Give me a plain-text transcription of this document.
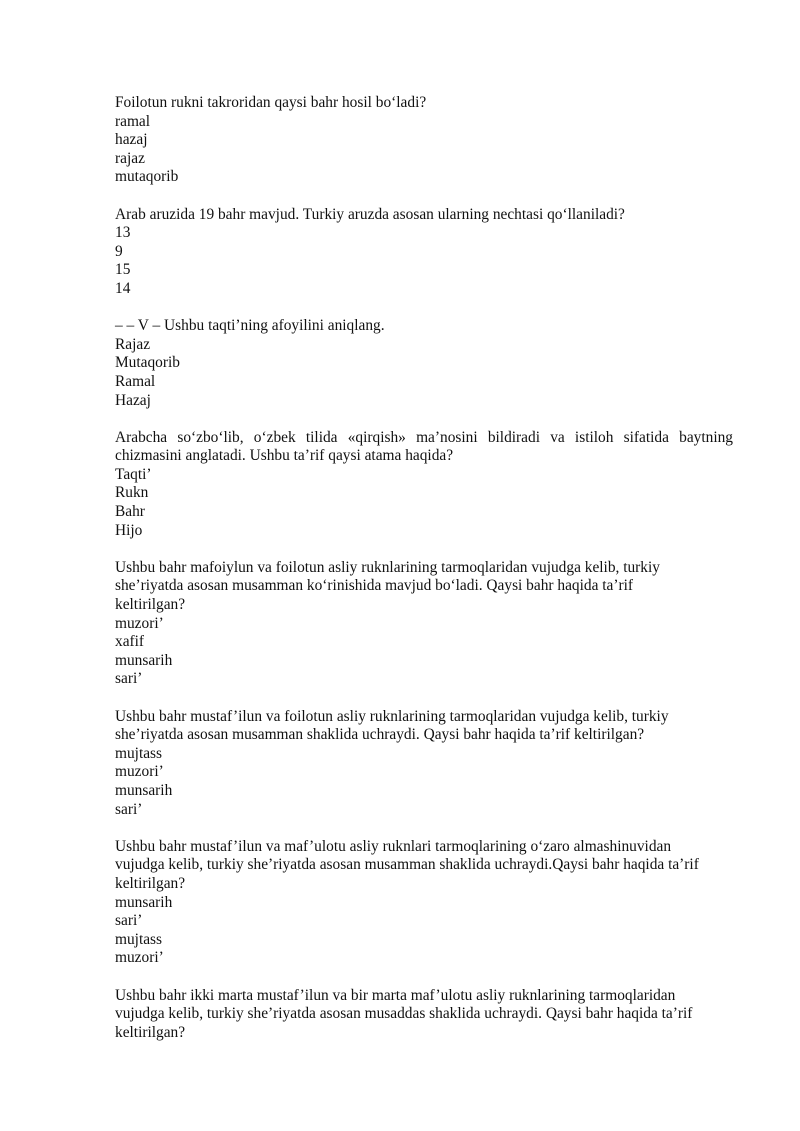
Foilotun rukni takroridan qaysi bahr hosil bo‘ladi?

ramal

hazaj

rajaz

mutaqorib

Arab aruzida 19 bahr mavjud. Turkiy aruzda asosan ularning nechtasi qo‘llaniladi?

13

9

15

14

– – V – Ushbu taqti’ning afoyilini aniqlang.

Rajaz

Mutaqorib

Ramal

Hazaj

Arabcha so‘zbo‘lib, o‘zbek tilida «qirqish» ma’nosini bildiradi va istiloh sifatida baytning chizmasini anglatadi. Ushbu ta’rif qaysi atama haqida?

Taqti’

Rukn

Bahr

Hijo

Ushbu bahr mafoiylun va foilotun asliy ruknlarining tarmoqlaridan vujudga kelib, turkiy
she’riyatda asosan musamman ko‘rinishida mavjud bo‘ladi. Qaysi bahr haqida ta’rif
keltirilgan?

muzori’

xafif

munsarih

sari’

Ushbu bahr mustaf’ilun va foilotun asliy ruknlarining tarmoqlaridan vujudga kelib, turkiy
she’riyatda asosan musamman shaklida uchraydi. Qaysi bahr haqida ta’rif keltirilgan?

mujtass

muzori’

munsarih

sari’

Ushbu bahr mustaf’ilun va maf’ulotu asliy ruknlari tarmoqlarining o‘zaro almashinuvidan
vujudga kelib, turkiy she’riyatda asosan musamman shaklida uchraydi.Qaysi bahr haqida ta’rif
keltirilgan?

munsarih

sari’

mujtass

muzori’

Ushbu bahr ikki marta mustaf’ilun va bir marta maf’ulotu asliy ruknlarining tarmoqlaridan
vujudga kelib, turkiy she’riyatda asosan musaddas shaklida uchraydi. Qaysi bahr haqida ta’rif
keltirilgan?
